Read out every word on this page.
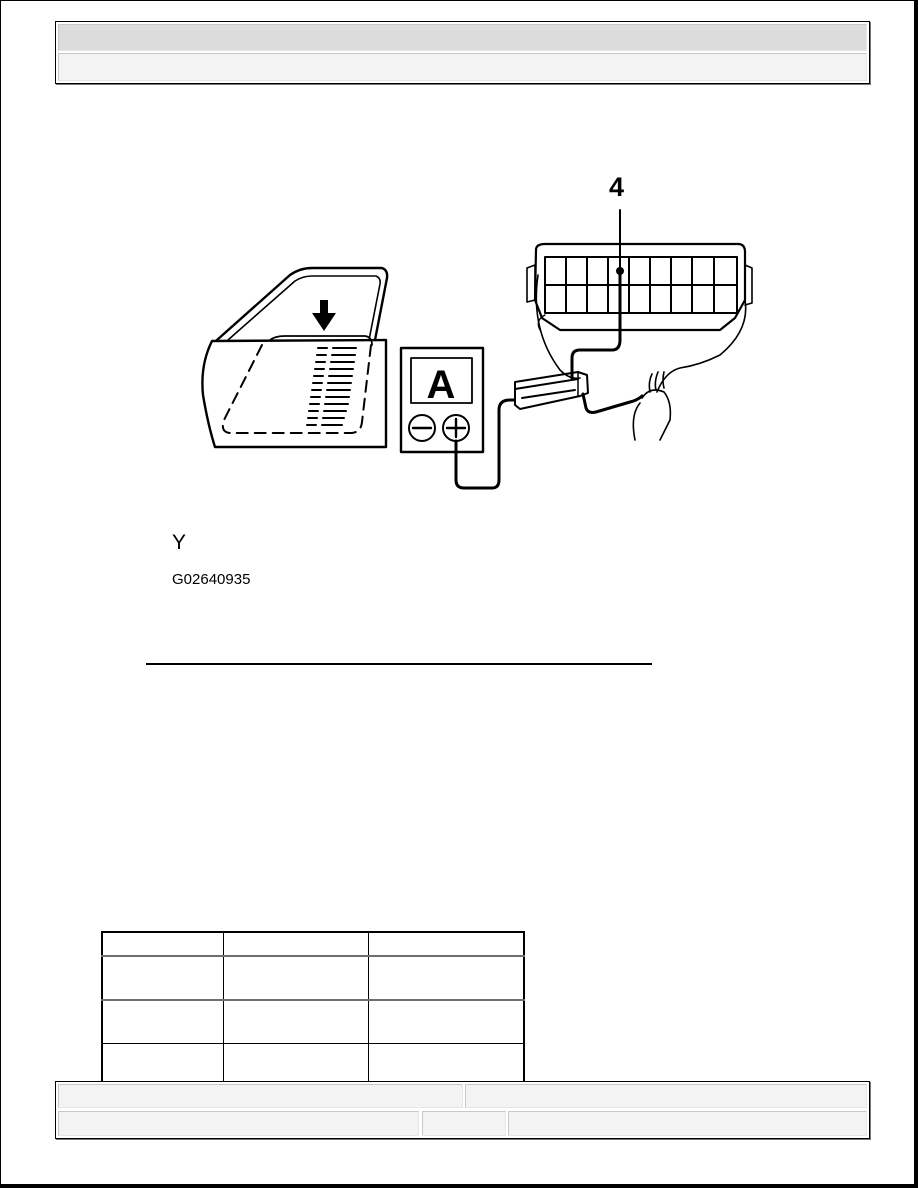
A
4
Y
G02640935
